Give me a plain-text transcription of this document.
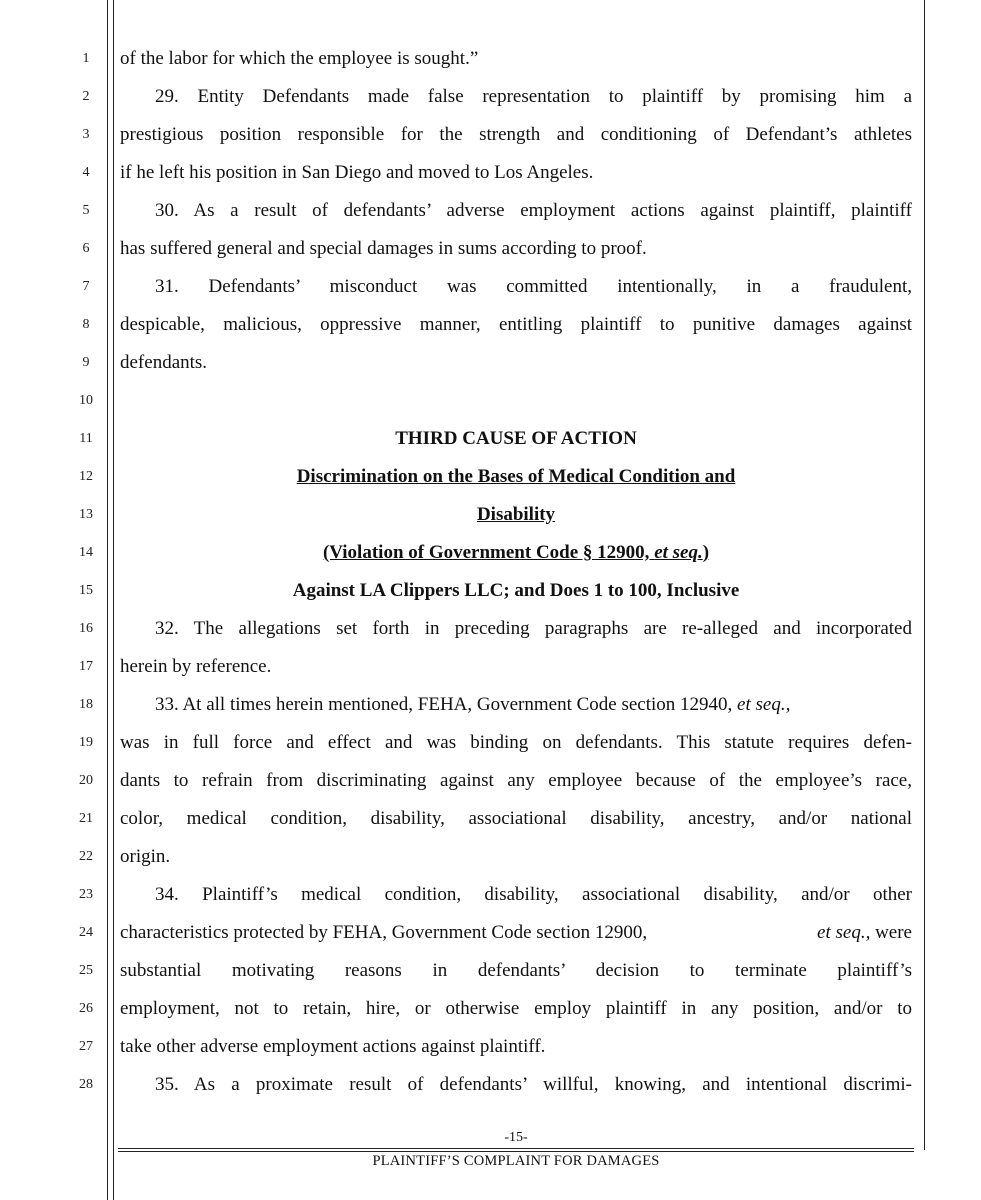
1
2
3
4
5
6
7
8
9
10
11
12
13
14
15
16
17
18
19
20
21
22
23
24
25
26
27
28
of the labor for which the employee is sought.”
29. Entity Defendants made false representation to plaintiff by promising him a
prestigious position responsible for the strength and conditioning of Defendant’s athletes
if he left his position in San Diego and moved to Los Angeles.
30. As a result of defendants’ adverse employment actions against plaintiff, plaintiff
has suffered general and special damages in sums according to proof.
31. Defendants’ misconduct was committed intentionally, in a fraudulent,
despicable, malicious, oppressive manner, entitling plaintiff to punitive damages against
defendants.
THIRD CAUSE OF ACTION
Discrimination on the Bases of Medical Condition and
Disability
(Violation of Government Code § 12900, et seq.)
Against LA Clippers LLC; and Does 1 to 100, Inclusive
32. The allegations set forth in preceding paragraphs are re-alleged and incorporated
herein by reference.
33. At all times herein mentioned, FEHA, Government Code section 12940, et seq.,
was in full force and effect and was binding on defendants. This statute requires defen-
dants to refrain from discriminating against any employee because of the employee’s race,
color, medical condition, disability, associational disability, ancestry, and/or national
origin.
34. Plaintiff’s medical condition, disability, associational disability, and/or other
characteristics protected by FEHA, Government Code section 12900,	et seq., were
substantial motivating reasons in defendants’ decision to terminate plaintiff’s
employment, not to retain, hire, or otherwise employ plaintiff in any position, and/or to
take other adverse employment actions against plaintiff.
35. As a proximate result of defendants’ willful, knowing, and intentional discrimi-
-15-
PLAINTIFF’S COMPLAINT FOR DAMAGES
